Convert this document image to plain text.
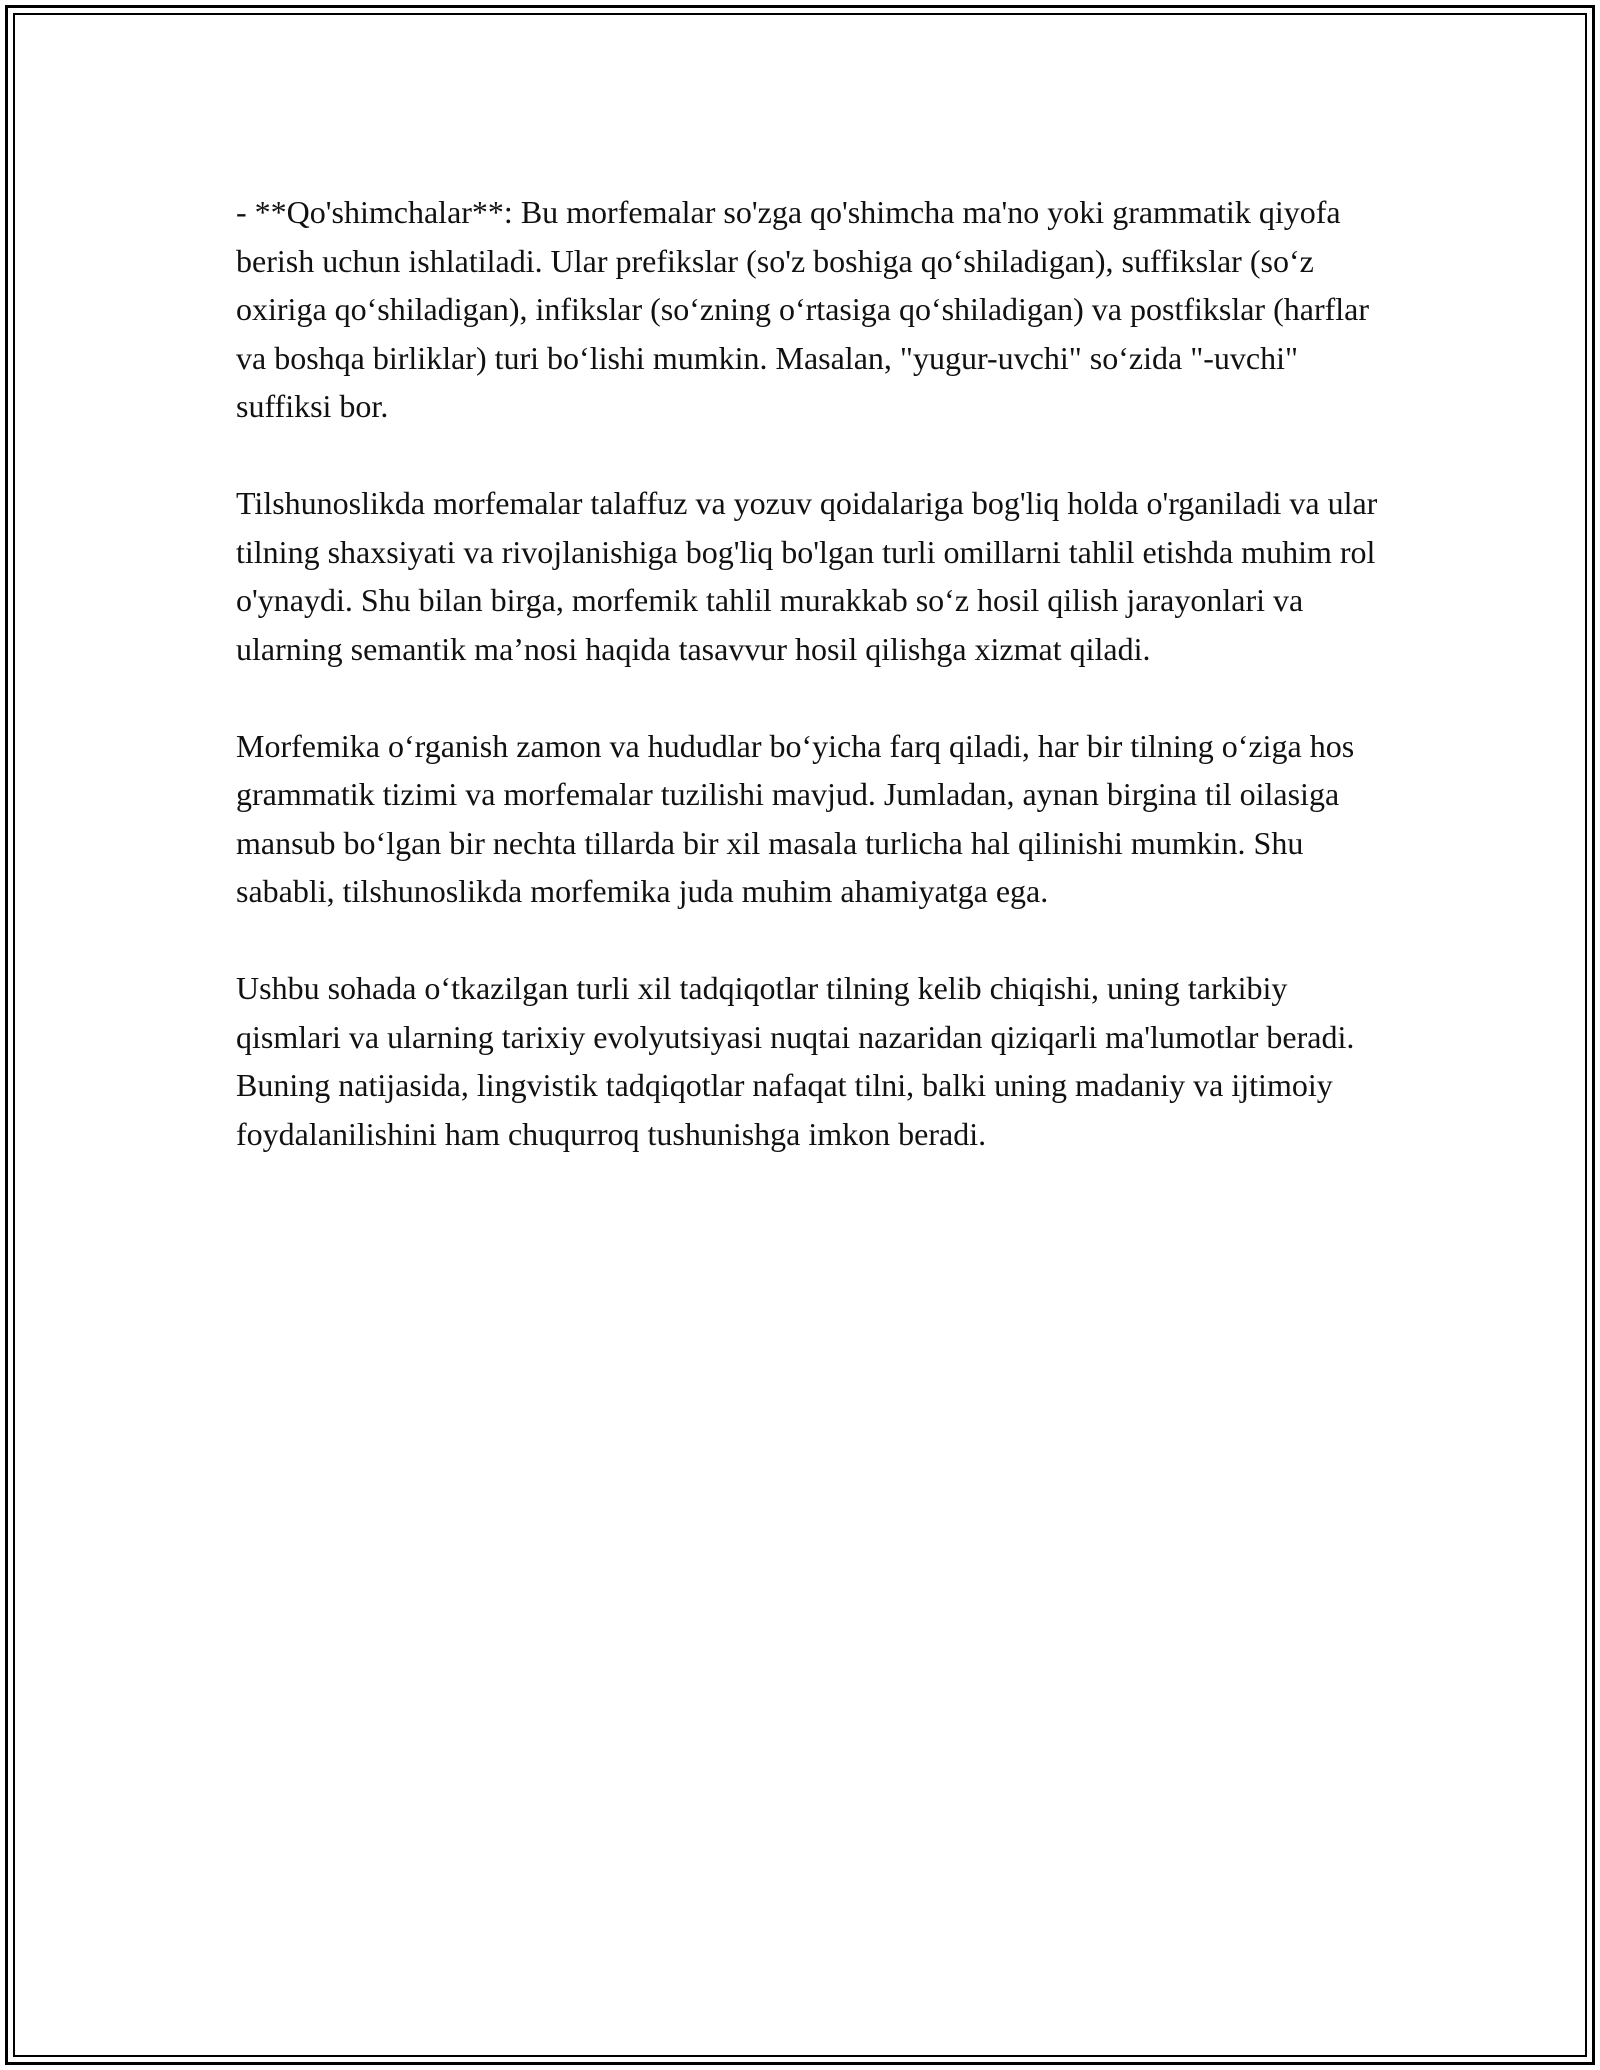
- **Qo'shimchalar**: Bu morfemalar so'zga qo'shimcha ma'no yoki grammatik qiyofa berish uchun ishlatiladi. Ular prefikslar (so'z boshiga qo‘shiladigan), suffikslar (so‘z oxiriga qo‘shiladigan), infikslar (so‘zning o‘rtasiga qo‘shiladigan) va postfikslar (harflar va boshqa birliklar) turi bo‘lishi mumkin. Masalan, "yugur-uvchi" so‘zida "-uvchi" suffiksi bor.

Tilshunoslikda morfemalar talaffuz va yozuv qoidalariga bog'liq holda o'rganiladi va ular tilning shaxsiyati va rivojlanishiga bog'liq bo'lgan turli omillarni tahlil etishda muhim rol o'ynaydi. Shu bilan birga, morfemik tahlil murakkab so‘z hosil qilish jarayonlari va ularning semantik ma’nosi haqida tasavvur hosil qilishga xizmat qiladi.

Morfemika o‘rganish zamon va hududlar bo‘yicha farq qiladi, har bir tilning o‘ziga hos grammatik tizimi va morfemalar tuzilishi mavjud. Jumladan, aynan birgina til oilasiga mansub bo‘lgan bir nechta tillarda bir xil masala turlicha hal qilinishi mumkin. Shu sababli, tilshunoslikda morfemika juda muhim ahamiyatga ega.

Ushbu sohada o‘tkazilgan turli xil tadqiqotlar tilning kelib chiqishi, uning tarkibiy qismlari va ularning tarixiy evolyutsiyasi nuqtai nazaridan qiziqarli ma'lumotlar beradi. Buning natijasida, lingvistik tadqiqotlar nafaqat tilni, balki uning madaniy va ijtimoiy foydalanilishini ham chuqurroq tushunishga imkon beradi.
